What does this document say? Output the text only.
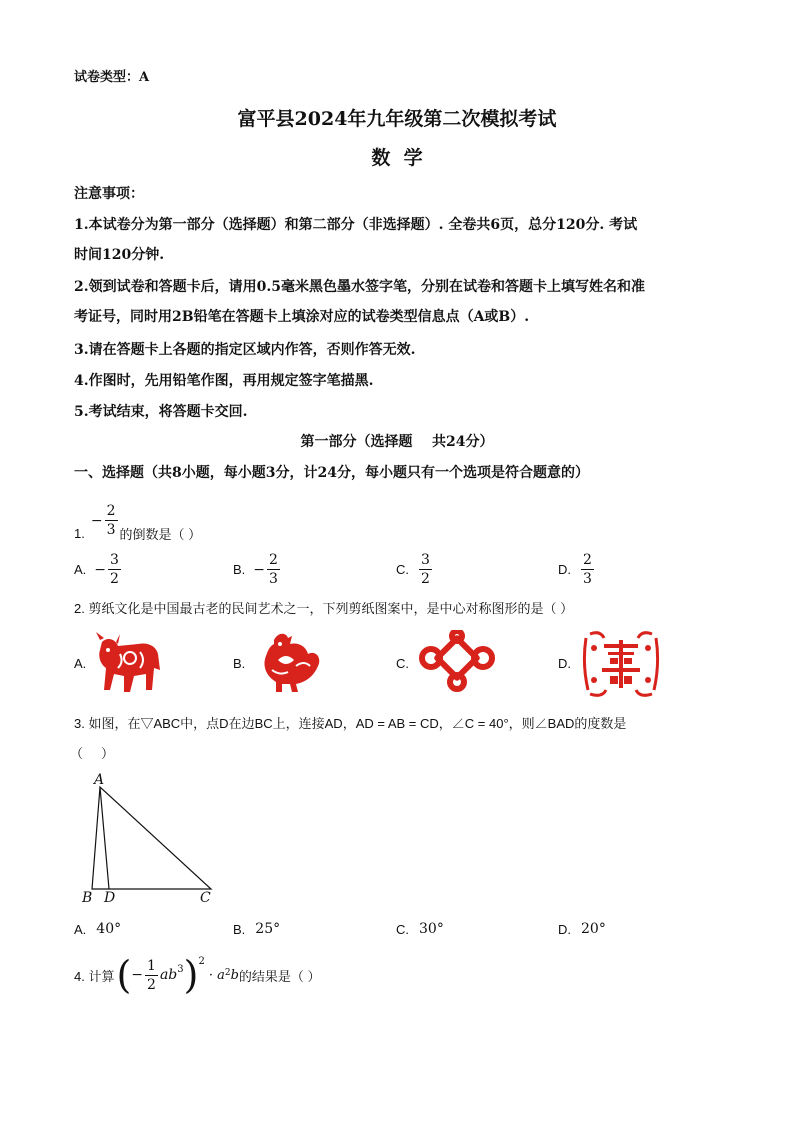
试卷类型：A
富平县2024年九年级第二次模拟考试
数  学
注意事项：
1.本试卷分为第一部分（选择题）和第二部分（非选择题）. 全卷共6页，总分120分. 考试
时间120分钟.
2.领到试卷和答题卡后，请用0.5毫米黑色墨水签字笔，分别在试卷和答题卡上填写姓名和准
考证号，同时用2B铅笔在答题卡上填涂对应的试卷类型信息点（A或B）.
3.请在答题卡上各题的指定区域内作答，否则作答无效.
4.作图时，先用铅笔作图，再用规定签字笔描黑.
5.考试结束，将答题卡交回.
第一部分（选择题    共24分）
一、选择题（共8小题，每小题3分，计24分，每小题只有一个选项是符合题意的）
1.
− $\frac{2}{3}$ 的倒数是（ ）
A. − $\frac{3}{2}$	B. − $\frac{2}{3}$	C. $\frac{3}{2}$	D. $\frac{2}{3}$
2. 剪纸文化是中国最古老的民间艺术之一，下列剪纸图案中，是中心对称图形的是（ ）
A.	B.	C.	D.
3. 如图，在▽ABC中，点D在边BC上，连接AD，AD = AB = CD，∠C = 40°，则∠BAD的度数是
（     ）
A
B D	C
A. 40°	B. 25°	C. 30°	D. 20°
4. 计算 ( − $\frac{1}{2} ab^3$ )$^2$
· a 2 b 的结果是（ ）
